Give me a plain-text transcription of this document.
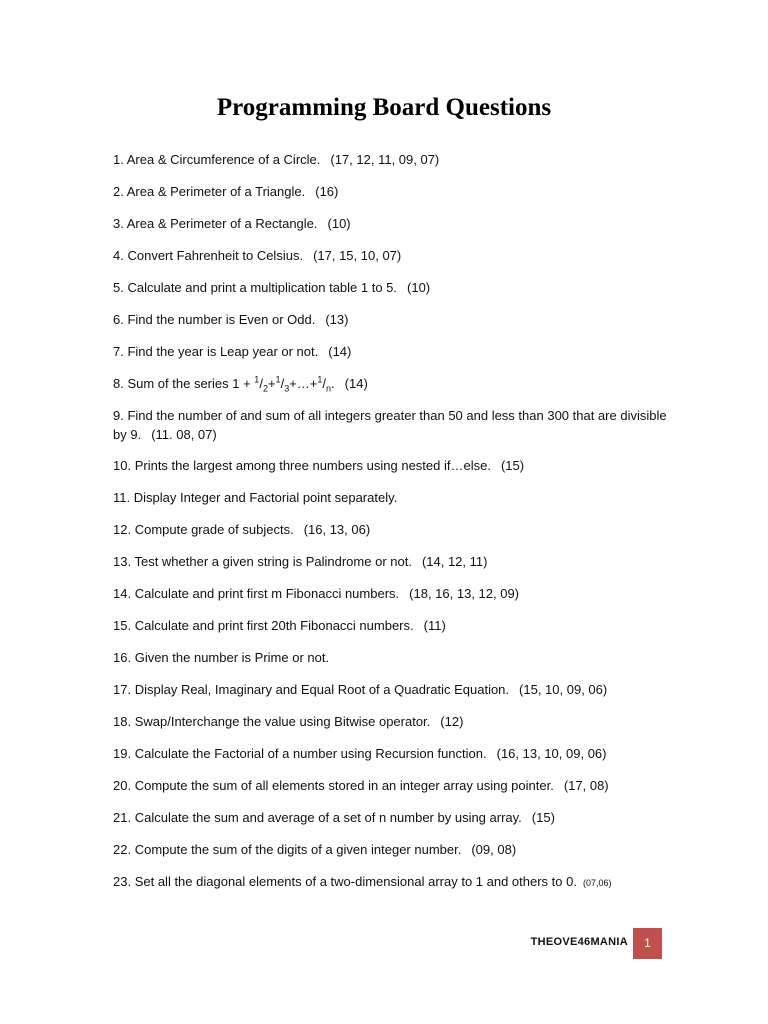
Programming Board Questions
1 . Area & Circumference of a Circle. (17, 12, 11, 09, 07)
2 . Area & Perimeter of a Triangle. (16)
3 . Area & Perimeter of a Rectangle. (10)
4 . Convert Fahrenheit to Celsius. (17, 15, 10, 07)
5 . Calculate and print a multiplication table 1 to 5. (10)
6 . Find the number is Even or Odd. (13)
7 . Find the year is Leap year or not. (14)
8 . Sum of the series $1 + ^1/_2+^1/_3+\dots+^1/_n$. (14)
9 . Find the number of and sum of all integers greater than 50 and less than 300 that are divisible by 9. (11. 08, 07)
10 . Prints the largest among three numbers using nested if…else. (15)
11 . Display Integer and Factorial point separately.
12 . Compute grade of subjects. (16, 13, 06)
13 . Test whether a given string is Palindrome or not. (14, 12, 11)
14 . Calculate and print first m Fibonacci numbers. (18, 16, 13, 12, 09)
15 . Calculate and print first 20th Fibonacci numbers. (11)
16 . Given the number is Prime or not.
17 . Display Real, Imaginary and Equal Root of a Quadratic Equation. (15, 10, 09, 06)
18 . Swap/Interchange the value using Bitwise operator. (12)
19 . Calculate the Factorial of a number using Recursion function. (16, 13, 10, 09, 06)
20 . Compute the sum of all elements stored in an integer array using pointer. (17, 08)
21 . Calculate the sum and average of a set of n number by using array. (15)
22 . Compute the sum of the digits of a given integer number. (09, 08)
23 . Set all the diagonal elements of a two-dimensional array to 1 and others to 0. (07,06)
THEOVE46MANIA	1
